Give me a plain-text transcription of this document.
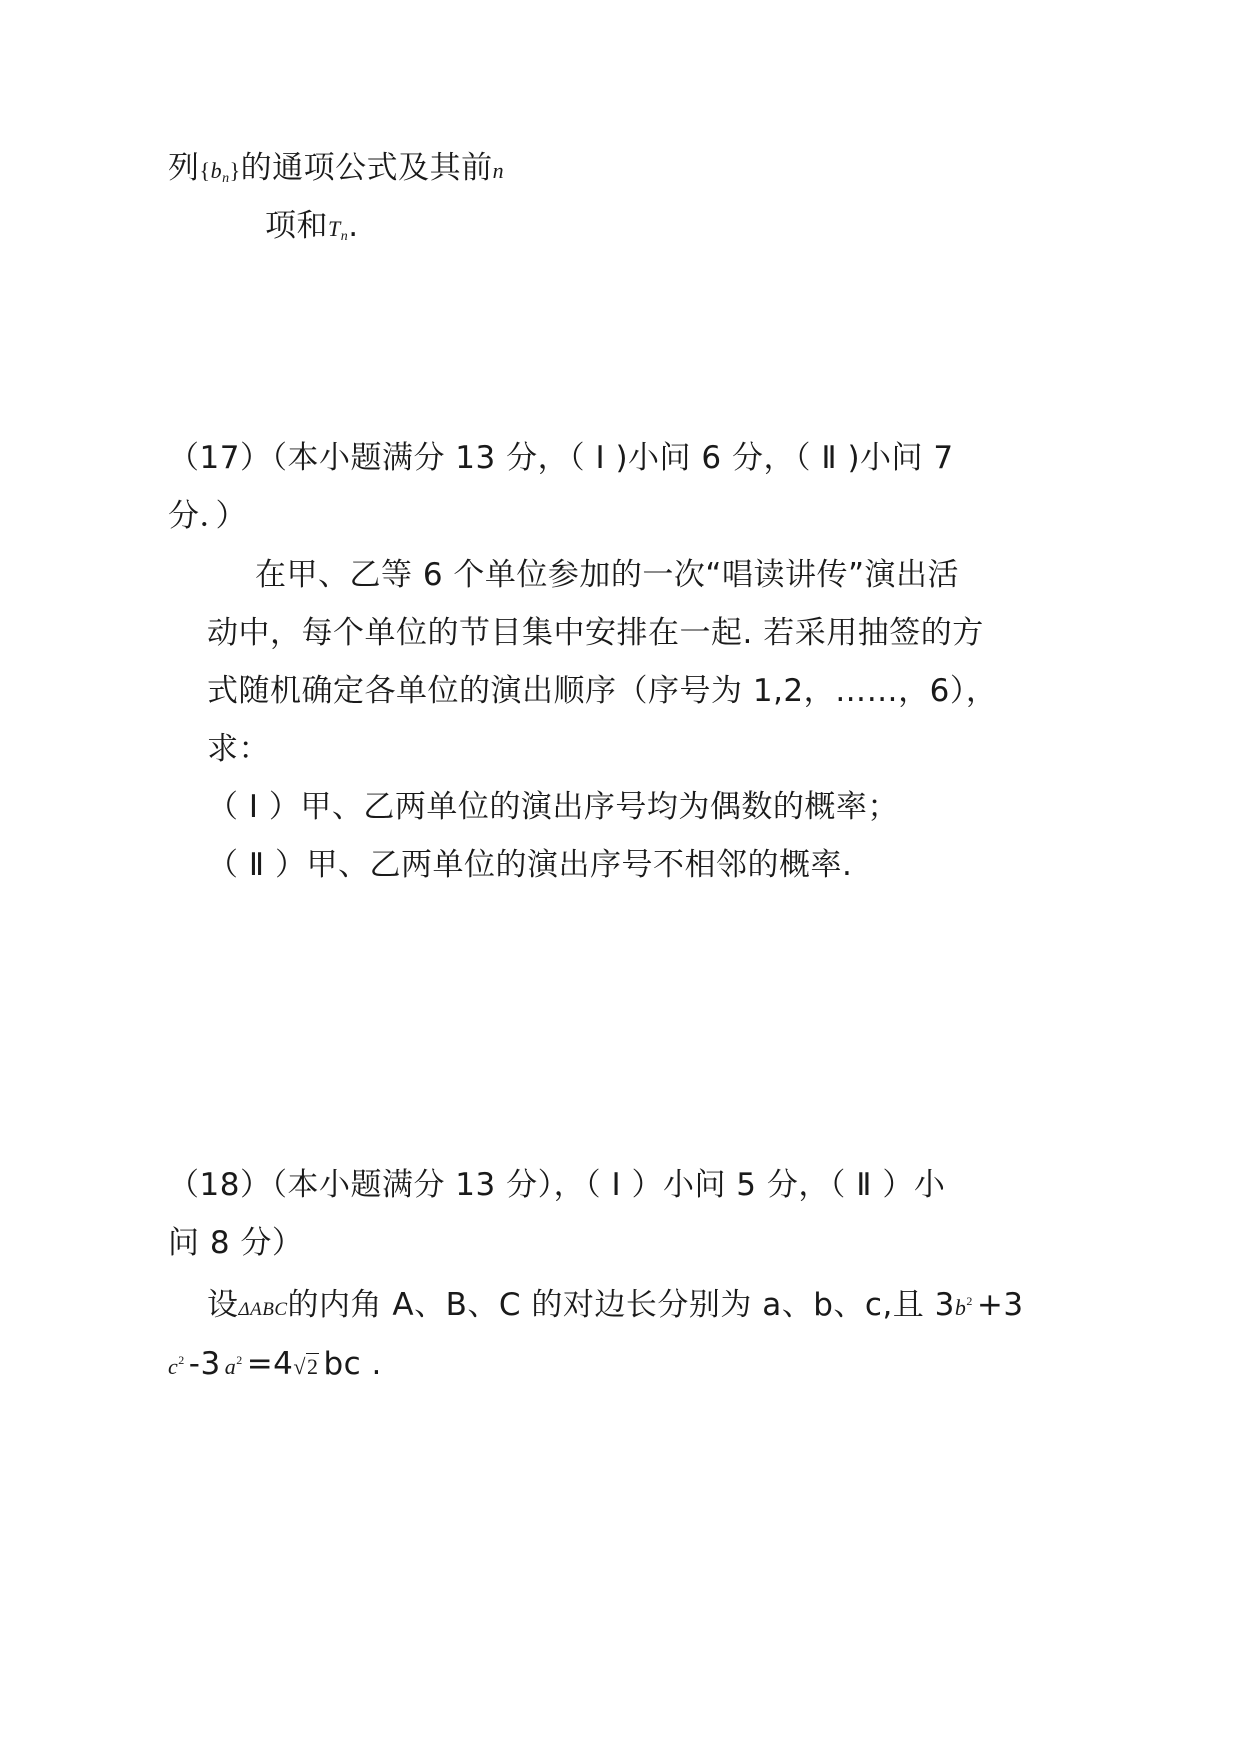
列$\{b_n\}$的通项公式及其前n
项和$T_n$.
（17）（本小题满分 13 分，（ Ⅰ )小问 6 分，（ Ⅱ )小问 7
分．）
在甲、乙等 6 个单位参加的一次“唱读讲传”演出活
动中，每个单位的节目集中安排在一起. 若采用抽签的方
式随机确定各单位的演出顺序（序号为 1,2，……，6），
求：
（ Ⅰ ）甲、乙两单位的演出序号均为偶数的概率；
（ Ⅱ ）甲、乙两单位的演出序号不相邻的概率.
（18）（本小题满分 13 分），（ Ⅰ ）小问 5 分，（ Ⅱ ）小
问 8 分）
设ΔABC的内角 A、B、C 的对边长分别为 a、b、c,且 $3b^2 +3$
$c^2$ -3 $a^2 =4√2$ bc .
